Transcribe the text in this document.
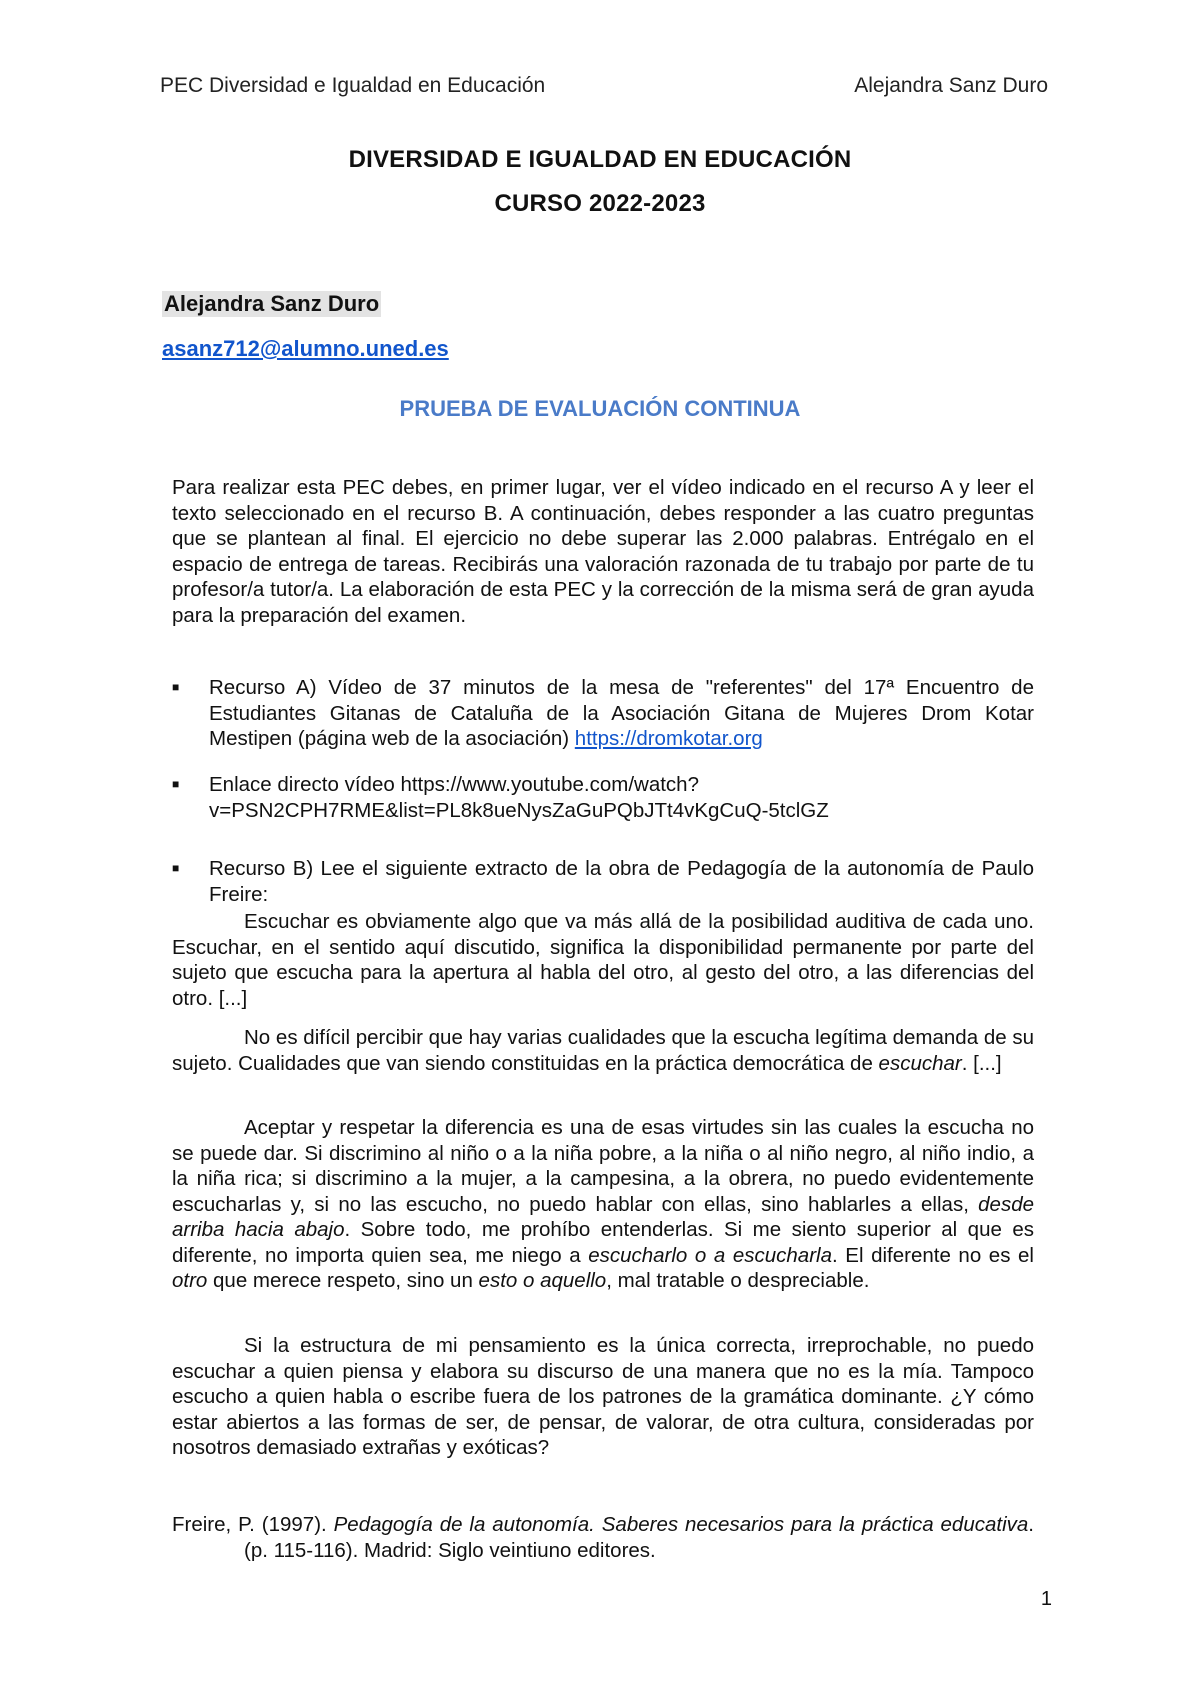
PEC Diversidad e Igualdad en Educación	Alejandra Sanz Duro
DIVERSIDAD E IGUALDAD EN EDUCACIÓN
CURSO 2022-2023
Alejandra Sanz Duro
asanz712@alumno.uned.es
PRUEBA DE EVALUACIÓN CONTINUA
Para realizar esta PEC debes, en primer lugar, ver el vídeo indicado en el recurso A y leer el texto seleccionado en el recurso B. A continuación, debes responder a las cuatro preguntas que se plantean al final. El ejercicio no debe superar las 2.000 palabras. Entrégalo en el espacio de entrega de tareas. Recibirás una valoración razonada de tu trabajo por parte de tu profesor/a tutor/a. La elaboración de esta PEC y la corrección de la misma será de gran ayuda para la preparación del examen.
■ Recurso A) Vídeo de 37 minutos de la mesa de "referentes" del 17ª Encuentro de Estudiantes Gitanas de Cataluña de la Asociación Gitana de Mujeres Drom Kotar Mestipen (página web de la asociación) https://dromkotar.org
■ Enlace directo vídeo https://www.youtube.com/watch?
v=PSN2CPH7RME&list=PL8k8ueNysZaGuPQbJTt4vKgCuQ-5tclGZ
■ Recurso B) Lee el siguiente extracto de la obra de Pedagogía de la autonomía de Paulo Freire:

Escuchar es obviamente algo que va más allá de la posibilidad auditiva de cada uno. Escuchar, en el sentido aquí discutido, significa la disponibilidad permanente por parte del sujeto que escucha para la apertura al habla del otro, al gesto del otro, a las diferencias del otro. [...]

No es difícil percibir que hay varias cualidades que la escucha legítima demanda de su sujeto. Cualidades que van siendo constituidas en la práctica democrática de escuchar. [...]

Aceptar y respetar la diferencia es una de esas virtudes sin las cuales la escucha no se puede dar. Si discrimino al niño o a la niña pobre, a la niña o al niño negro, al niño indio, a la niña rica; si discrimino a la mujer, a la campesina, a la obrera, no puedo evidentemente escucharlas y, si no las escucho, no puedo hablar con ellas, sino hablarles a ellas, desde arriba hacia abajo. Sobre todo, me prohíbo entenderlas. Si me siento superior al que es diferente, no importa quien sea, me niego a escucharlo o a escucharla. El diferente no es el otro que merece respeto, sino un esto o aquello, mal tratable o despreciable.

Si la estructura de mi pensamiento es la única correcta, irreprochable, no puedo escuchar a quien piensa y elabora su discurso de una manera que no es la mía. Tampoco escucho a quien habla o escribe fuera de los patrones de la gramática dominante. ¿Y cómo estar abiertos a las formas de ser, de pensar, de valorar, de otra cultura, consideradas por nosotros demasiado extrañas y exóticas?

Freire, P. (1997). Pedagogía de la autonomía. Saberes necesarios para la práctica educativa. (p. 115-116). Madrid: Siglo veintiuno editores.
1
